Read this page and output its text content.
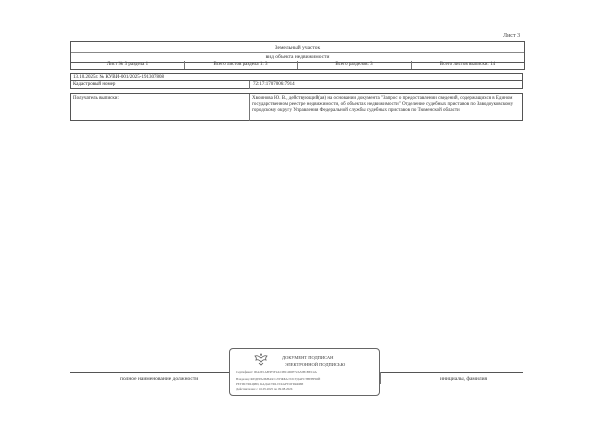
Лист 3
Земельный участок
вид объекта недвижимости
Лист № 3 раздела 1	Всего листов раздела 1: 3	Всего разделов: 3	Всего листов выписки: 14
13.10.2025г. № КУВИ-001/2025-191307808
Кадастровый номер	72:17:1707006:7914
Получатель выписки:	Хвоинова Ю. В., действующий(ая) на основании документа "Запрос о предоставлении сведений, содержащихся в Едином государственном реестре недвижимости, об объектах недвижимости" Отделение судебных приставов по Заводоуковскому городскому округу Управления Федеральной службы судебных приставов по Тюменской области
полное наименование должности	инициалы, фамилия
ДОКУМЕНТ ПОДПИСАН
ЭЛЕКТРОННОЙ ПОДПИСЬЮ
Сертификат: 00A2E1AB3F5F2AC08C4D0F72A52B1BEC4A
Владелец: ФЕДЕРАЛЬНАЯ СЛУЖБА ГОСУДАРСТВЕННОЙ
РЕГИСТРАЦИИ, КАДАСТРА И КАРТОГРАФИИ
Действителен: с 16.05.2025 по 09.08.2026
